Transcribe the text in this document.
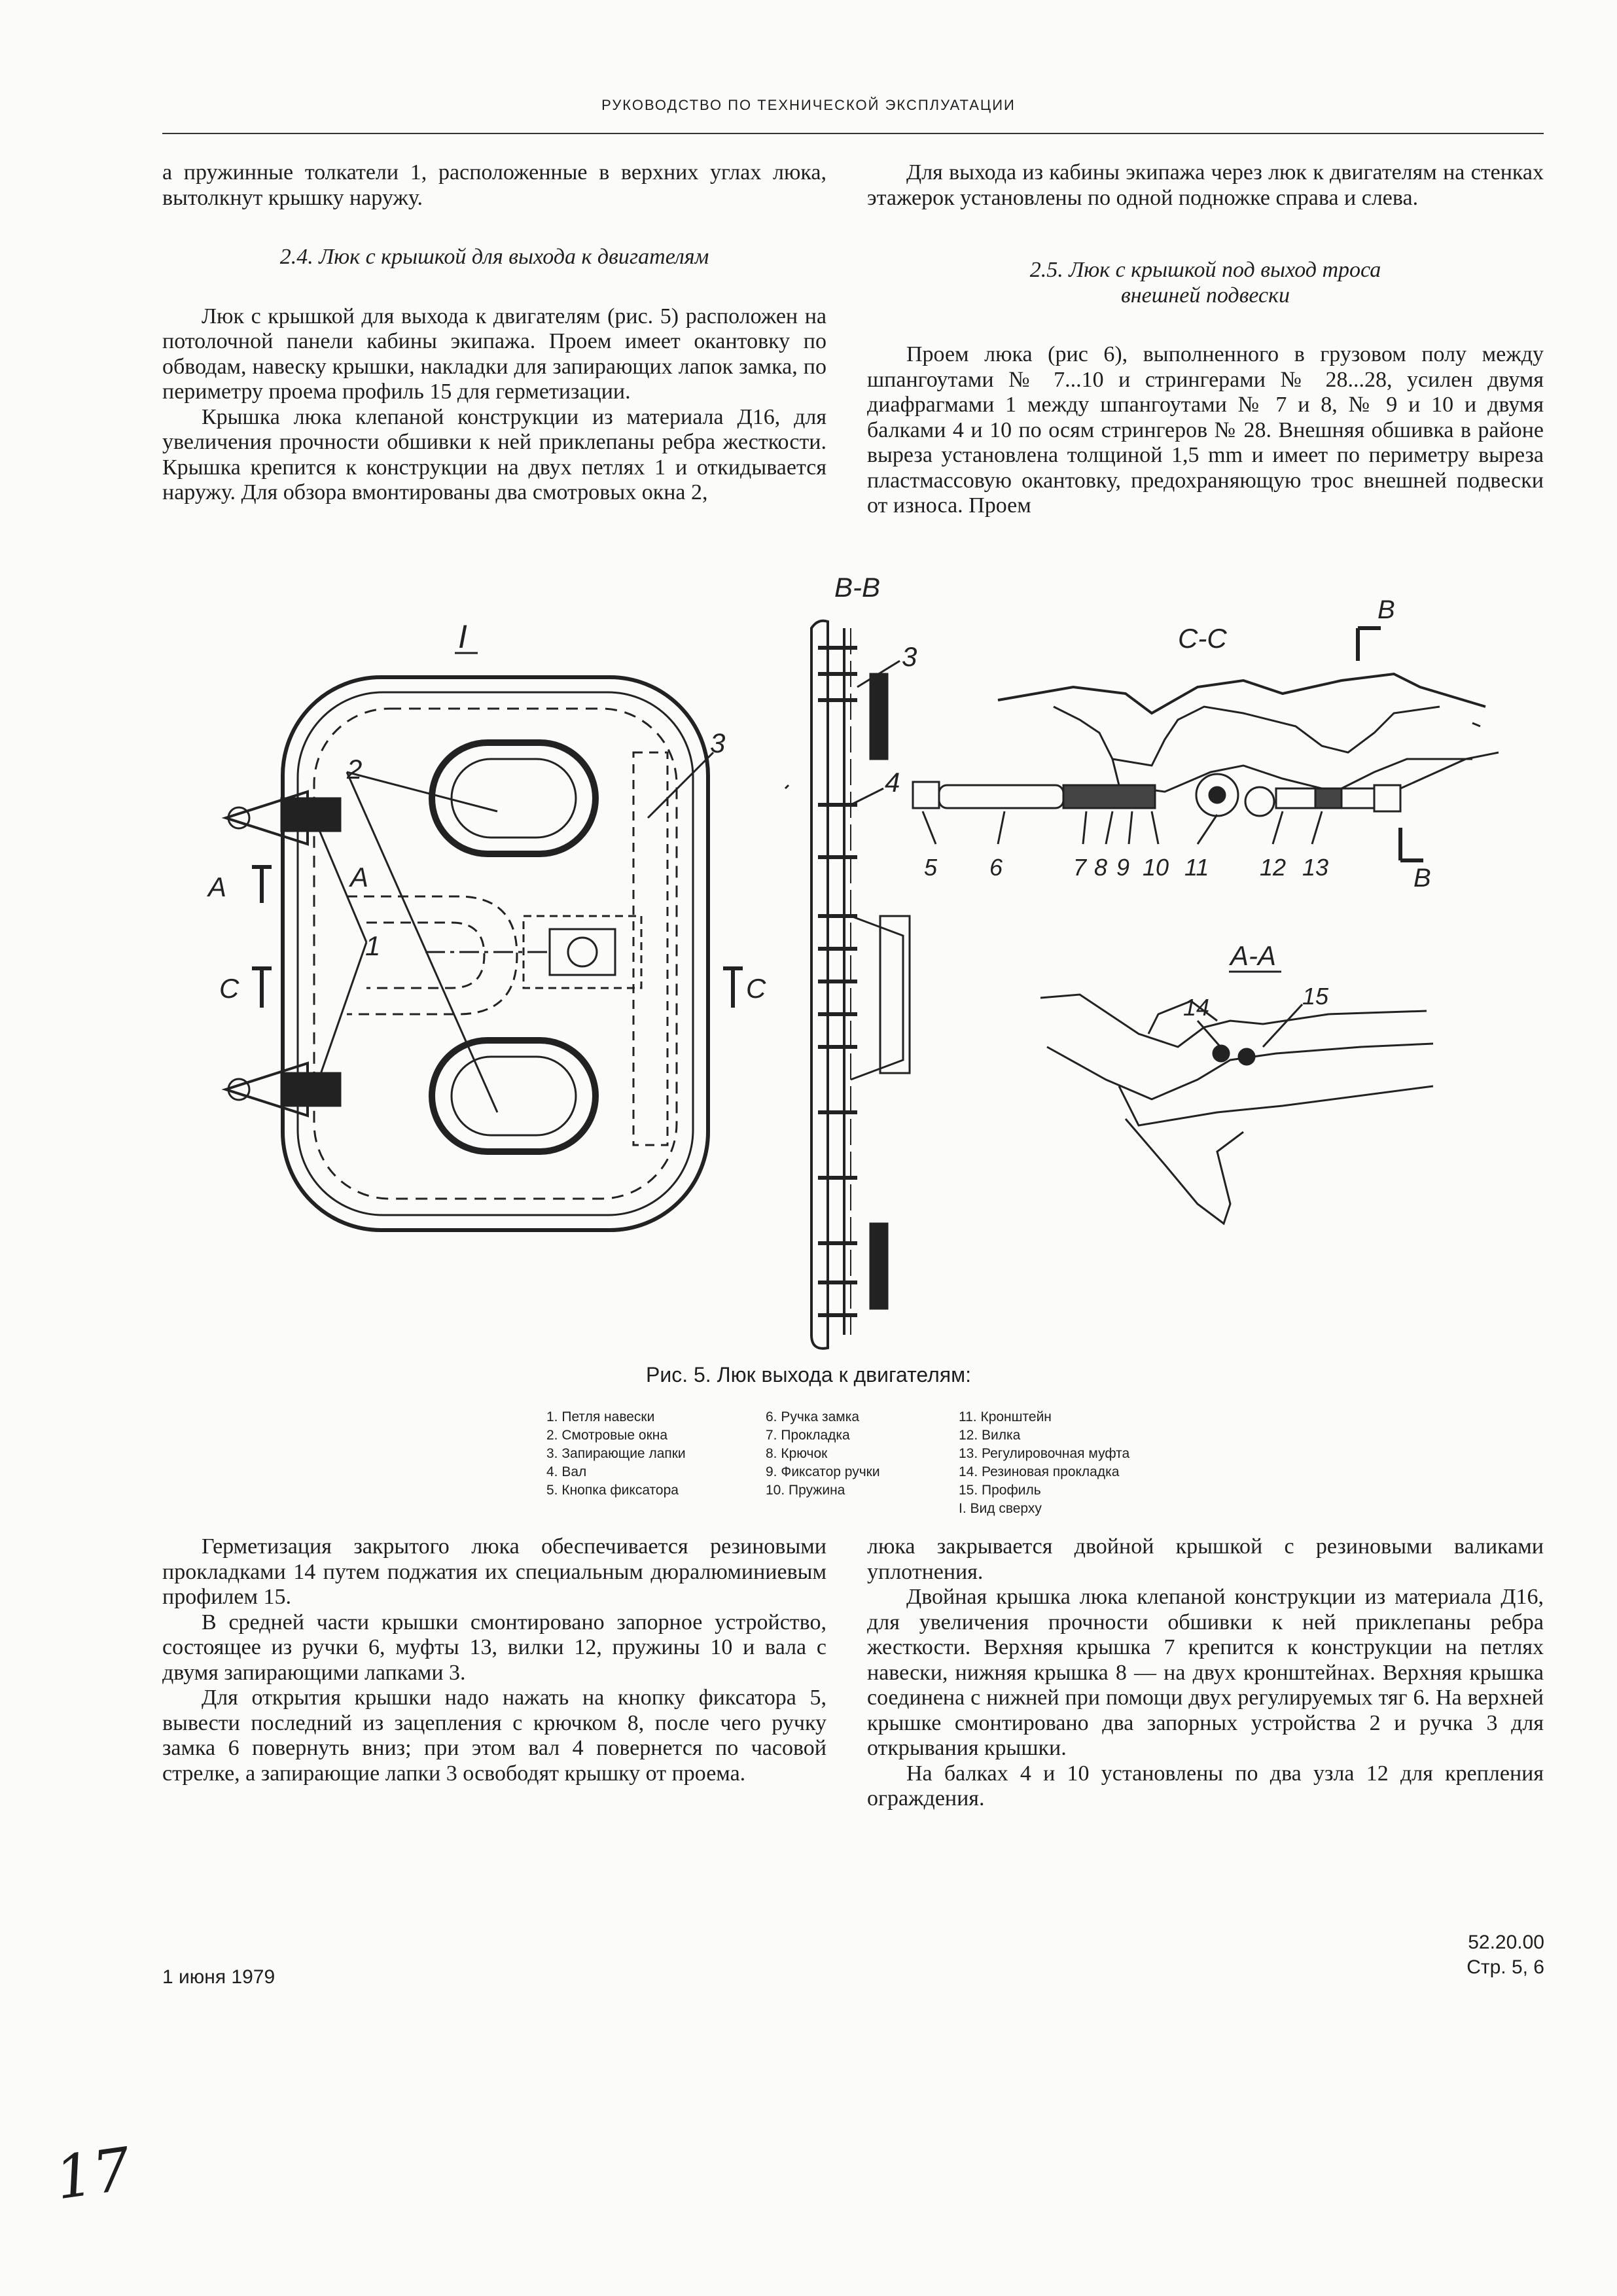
РУКОВОДСТВО ПО ТЕХНИЧЕСКОЙ ЭКСПЛУАТАЦИИ

а пружинные толкатели 1, расположенные в верхних углах люка, вытолкнут крышку наружу.

2.4. Люк с крышкой для выхода к двигателям

Люк с крышкой для выхода к двигателям (рис. 5) расположен на потолочной панели кабины экипажа. Проем имеет окантовку по обводам, навеску крышки, накладки для запирающих лапок замка, по периметру проема профиль 15 для герметизации.

Крышка люка клепаной конструкции из материала Д16, для увеличения прочности обшивки к ней приклепаны ребра жесткости. Крышка крепится к конструкции на двух петлях 1 и откидывается наружу. Для обзора вмонтированы два смотровых окна 2,

Для выхода из кабины экипажа через люк к двигателям на стенках этажерок установлены по одной подножке справа и слева.

2.5. Люк с крышкой под выход троса
внешней подвески

Проем люка (рис 6), выполненного в грузовом полу между шпангоутами № 7...10 и стрингерами № 28...28, усилен двумя диафрагмами 1 между шпангоутами № 7 и 8, № 9 и 10 и двумя балками 4 и 10 по осям стрингеров № 28. Внешняя обшивка в районе выреза установлена толщиной 1,5 mm и имеет по периметру выреза пластмассовую окантовку, предохраняющую трос внешней подвески от износа. Проем

I
2
1
3
A	A
C	C
B-B
3
4
C-C
B
B
5 6	7 8 9 10 11 12 13
A-A
14	15
Рис. 5. Люк выхода к двигателям:
1. Петля навески
2. Смотровые окна
3. Запирающие лапки
4. Вал
5. Кнопка фиксатора
6. Ручка замка
7. Прокладка
8. Крючок
9. Фиксатор ручки
10. Пружина
11. Кронштейн
12. Вилка
13. Регулировочная муфта
14. Резиновая прокладка
15. Профиль
I. Вид сверху

Герметизация закрытого люка обеспечивается резиновыми прокладками 14 путем поджатия их специальным дюралюминиевым профилем 15.

В средней части крышки смонтировано запорное устройство, состоящее из ручки 6, муфты 13, вилки 12, пружины 10 и вала с двумя запирающими лапками 3.

Для открытия крышки надо нажать на кнопку фиксатора 5, вывести последний из зацепления с крючком 8, после чего ручку замка 6 повернуть вниз; при этом вал 4 повернется по часовой стрелке, а запирающие лапки 3 освободят крышку от проема.

люка закрывается двойной крышкой с резиновыми валиками уплотнения.

Двойная крышка люка клепаной конструкции из материала Д16, для увеличения прочности обшивки к ней приклепаны ребра жесткости. Верхняя крышка 7 крепится к конструкции на петлях навески, нижняя крышка 8 — на двух кронштейнах. Верхняя крышка соединена с нижней при помощи двух регулируемых тяг 6. На верхней крышке смонтировано два запорных устройства 2 и ручка 3 для открывания крышки.

На балках 4 и 10 установлены по два узла 12 для крепления ограждения.

1 июня 1979
52.20.00
Стр. 5, 6
17
